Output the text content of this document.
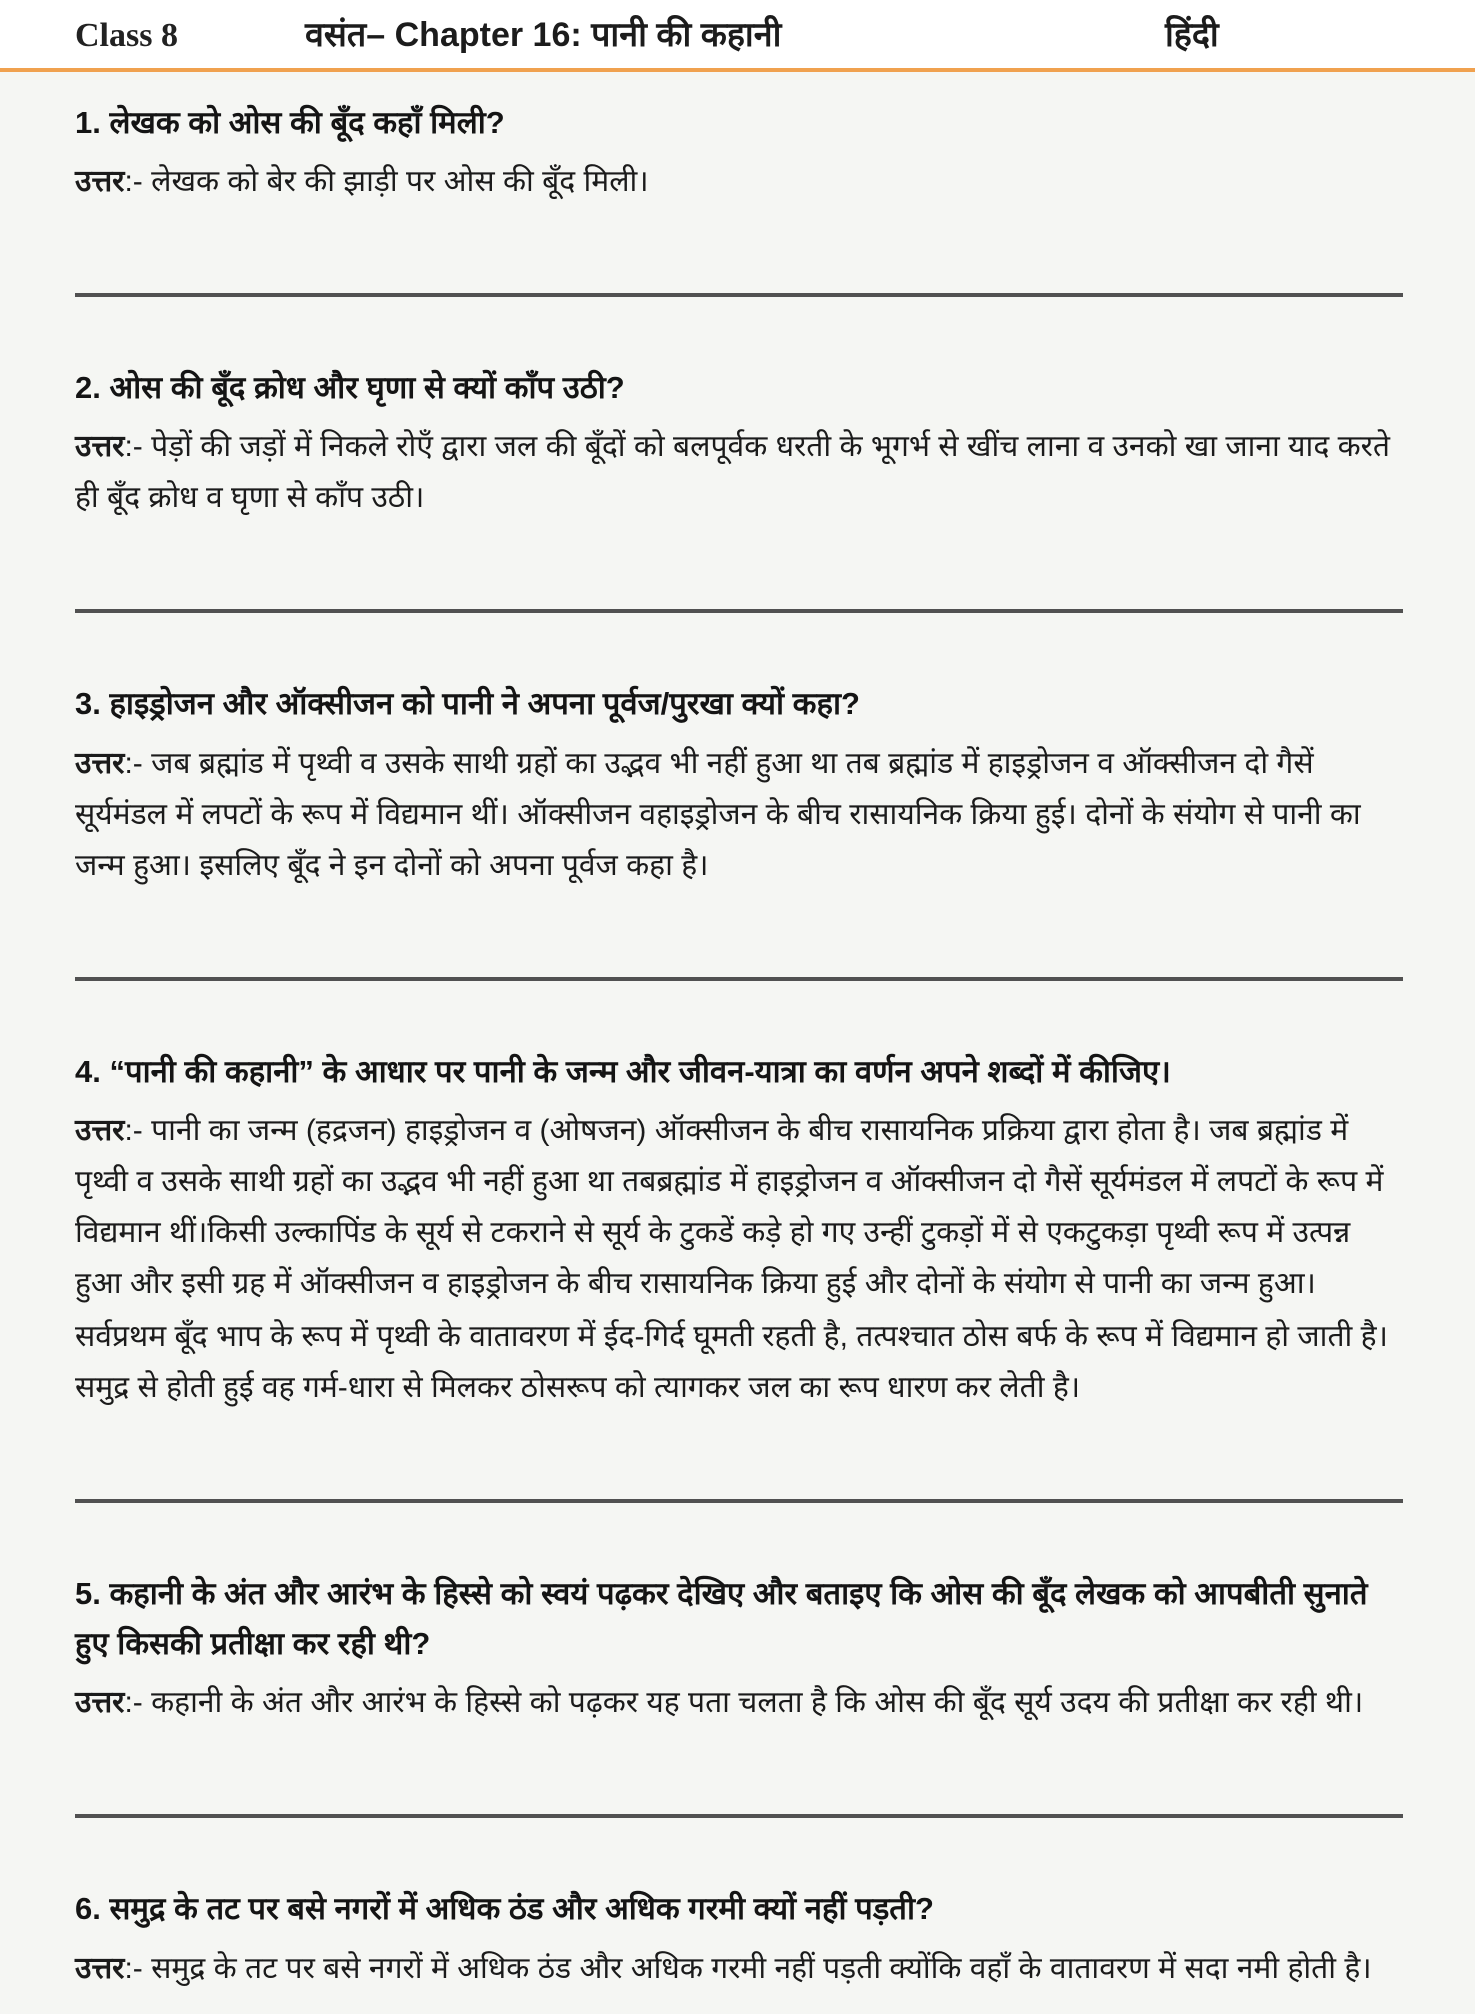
Class 8	वसंत– Chapter 16: पानी की कहानी	हिंदी
1. लेखक को ओस की बूँद कहाँ मिली?

उत्तर:- लेखक को बेर की झाड़ी पर ओस की बूँद मिली।

2. ओस की बूँद क्रोध और घृणा से क्यों काँप उठी?

उत्तर:- पेड़ों की जड़ों में निकले रोएँ द्वारा जल की बूँदों को बलपूर्वक धरती के भूगर्भ से खींच लाना व उनको खा जाना याद करते ही बूँद क्रोध व घृणा से काँप उठी।

3. हाइड्रोजन और ऑक्सीजन को पानी ने अपना पूर्वज/पुरखा क्यों कहा?

उत्तर:- जब ब्रह्मांड में पृथ्वी व उसके साथी ग्रहों का उद्भव भी नहीं हुआ था तब ब्रह्मांड में हाइड्रोजन व ऑक्सीजन दो गैसें सूर्यमंडल में लपटों के रूप में विद्यमान थीं। ऑक्सीजन वहाइड्रोजन के बीच रासायनिक क्रिया हुई। दोनों के संयोग से पानी का जन्म हुआ। इसलिए बूँद ने इन दोनों को अपना पूर्वज कहा है।

4. “पानी की कहानी” के आधार पर पानी के जन्म और जीवन-यात्रा का वर्णन अपने शब्दों में कीजिए।

उत्तर:- पानी का जन्म (हद्रजन) हाइड्रोजन व (ओषजन) ऑक्सीजन के बीच रासायनिक प्रक्रिया द्वारा होता है। जब ब्रह्मांड में पृथ्वी व उसके साथी ग्रहों का उद्भव भी नहीं हुआ था तबब्रह्मांड में हाइड्रोजन व ऑक्सीजन दो गैसें सूर्यमंडल में लपटों के रूप में विद्यमान थीं।किसी उल्कापिंड के सूर्य से टकराने से सूर्य के टुकडें कड़े हो गए उन्हीं टुकड़ों में से एकटुकड़ा पृथ्वी रूप में उत्पन्न हुआ और इसी ग्रह में ऑक्सीजन व हाइड्रोजन के बीच रासायनिक क्रिया हुई और दोनों के संयोग से पानी का जन्म हुआ।

सर्वप्रथम बूँद भाप के रूप में पृथ्वी के वातावरण में ईद-गिर्द घूमती रहती है, तत्पश्चात ठोस बर्फ के रूप में विद्यमान हो जाती है। समुद्र से होती हुई वह गर्म-धारा से मिलकर ठोसरूप को त्यागकर जल का रूप धारण कर लेती है।

5. कहानी के अंत और आरंभ के हिस्से को स्वयं पढ़कर देखिए और बताइए कि ओस की बूँद लेखक को आपबीती सुनाते हुए किसकी प्रतीक्षा कर रही थी?

उत्तर:- कहानी के अंत और आरंभ के हिस्से को पढ़कर यह पता चलता है कि ओस की बूँद सूर्य उदय की प्रतीक्षा कर रही थी।

6. समुद्र के तट पर बसे नगरों में अधिक ठंड और अधिक गरमी क्यों नहीं पड़ती?

उत्तर:- समुद्र के तट पर बसे नगरों में अधिक ठंड और अधिक गरमी नहीं पड़ती क्योंकि वहाँ के वातावरण में सदा नमी होती है।
